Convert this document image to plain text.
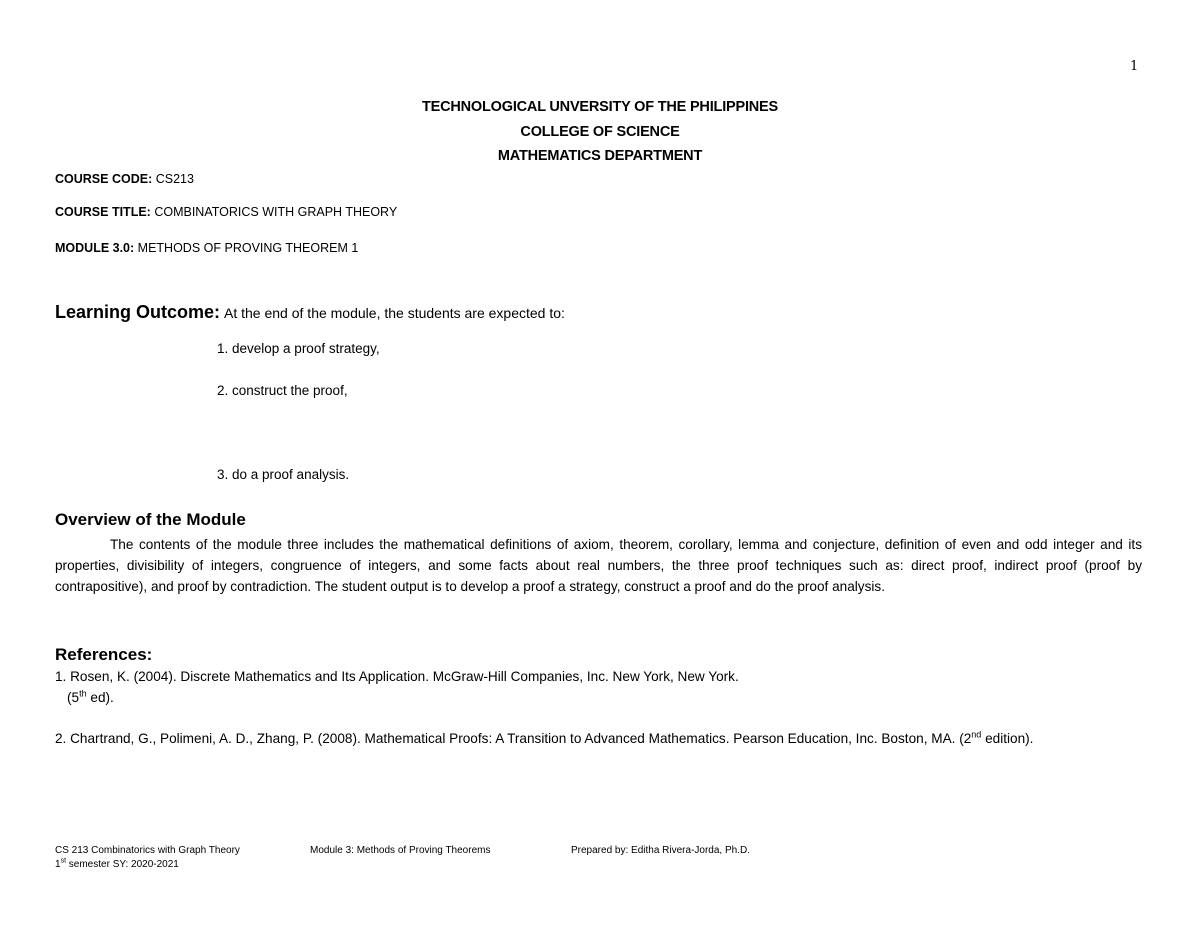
1
TECHNOLOGICAL UNVERSITY OF THE PHILIPPINES
COLLEGE OF SCIENCE
MATHEMATICS DEPARTMENT
COURSE CODE: CS213
COURSE TITLE: COMBINATORICS WITH GRAPH THEORY
MODULE 3.0: METHODS OF PROVING THEOREM 1
Learning Outcome: At the end of the module, the students are expected to:
1. develop a proof strategy,
2. construct the proof,
3. do a proof analysis.
Overview of the Module
The contents of the module three includes the mathematical definitions of axiom, theorem, corollary, lemma and conjecture, definition of even and odd integer and its properties, divisibility of integers, congruence of integers, and some facts about real numbers, the three proof techniques such as: direct proof, indirect proof (proof by contrapositive), and proof by contradiction. The student output is to develop a proof a strategy, construct a proof and do the proof analysis.
References:
1. Rosen, K. (2004). Discrete Mathematics and Its Application. McGraw-Hill Companies, Inc. New York, New York.
(5th ed).
2. Chartrand, G., Polimeni, A. D., Zhang, P. (2008). Mathematical Proofs: A Transition to Advanced Mathematics. Pearson Education, Inc. Boston, MA. (2nd edition).
CS 213 Combinatorics with Graph Theory
1st semester SY: 2020-2021
Module 3: Methods of Proving Theorems	Prepared by: Editha Rivera-Jorda, Ph.D.
